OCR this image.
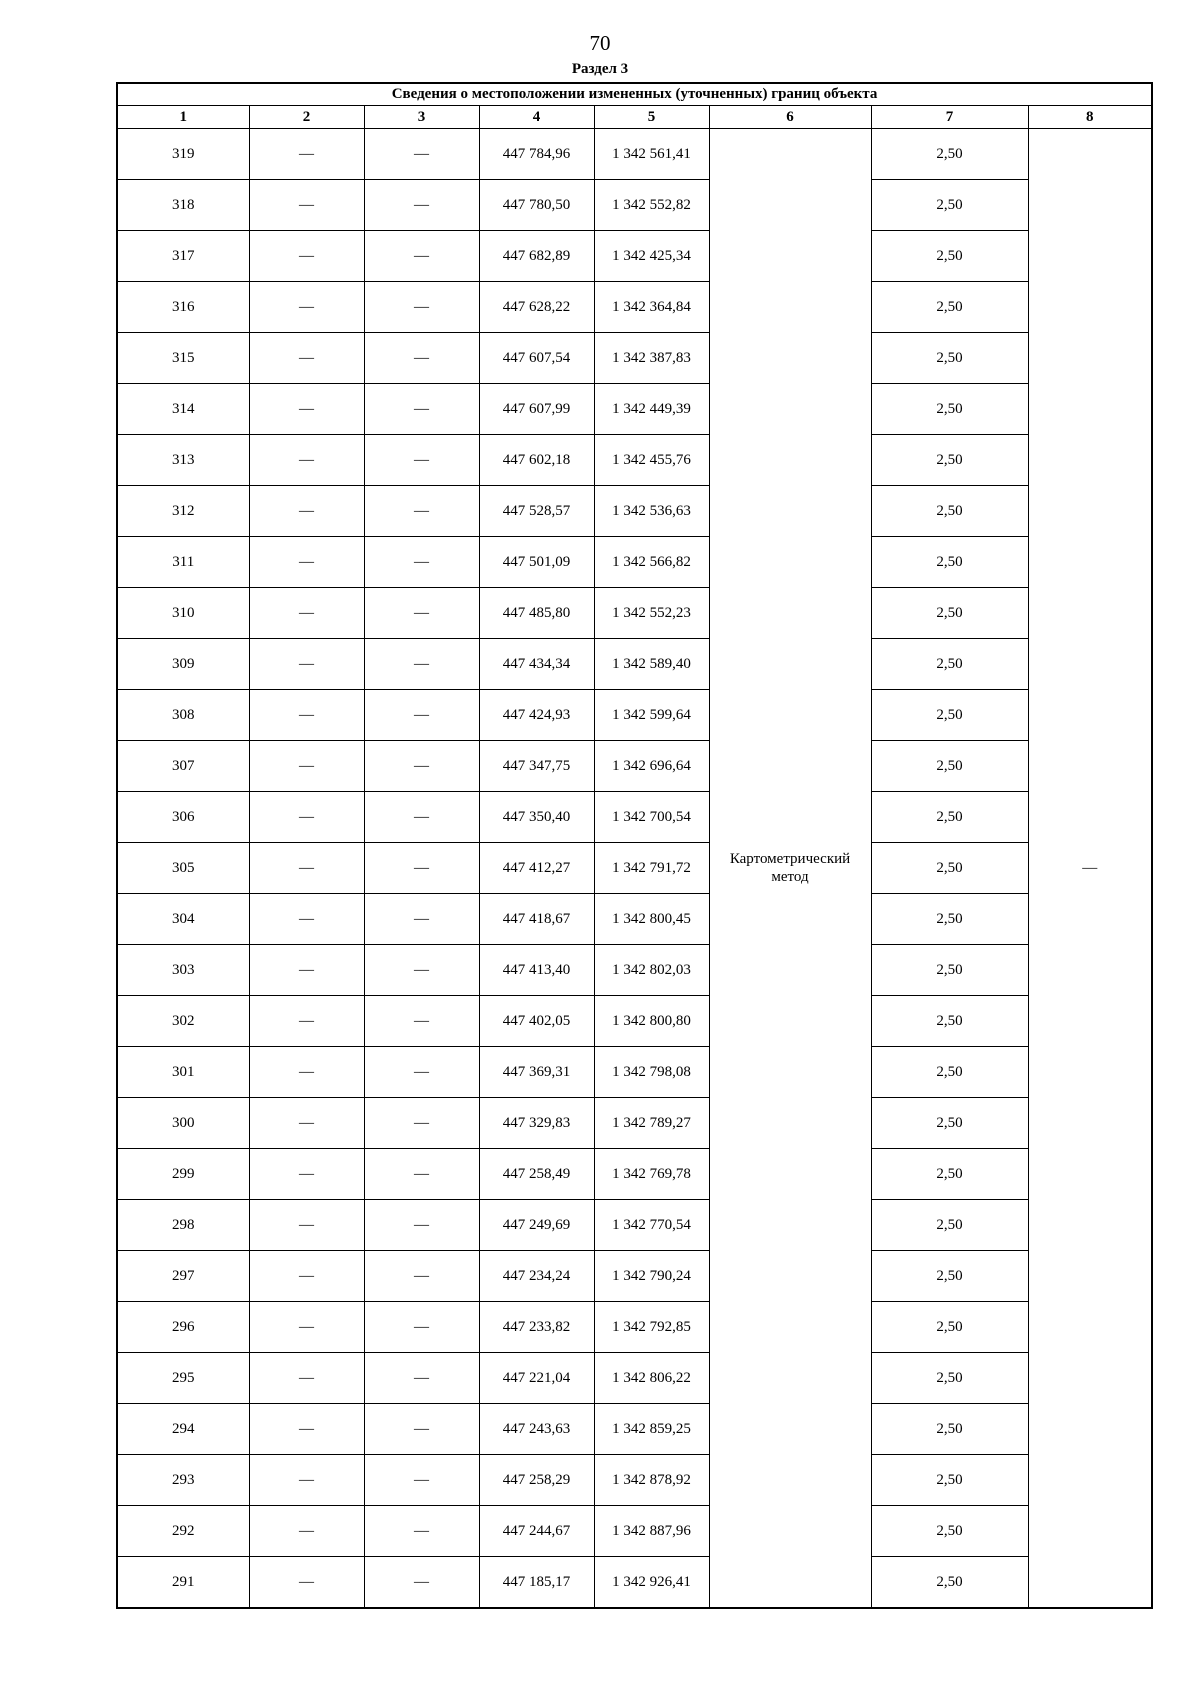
70
Раздел 3
Сведения о местоположении измененных (уточненных) границ объекта							
1	2	3	4	5	6	7	8
319	—	—	447 784,96	1 342 561,41	Картометрический метод	2,50	—
318	—	—	447 780,50	1 342 552,82		2,50	
317	—	—	447 682,89	1 342 425,34		2,50	
316	—	—	447 628,22	1 342 364,84		2,50	
315	—	—	447 607,54	1 342 387,83		2,50	
314	—	—	447 607,99	1 342 449,39		2,50	
313	—	—	447 602,18	1 342 455,76		2,50	
312	—	—	447 528,57	1 342 536,63		2,50	
311	—	—	447 501,09	1 342 566,82		2,50	
310	—	—	447 485,80	1 342 552,23		2,50	
309	—	—	447 434,34	1 342 589,40		2,50	
308	—	—	447 424,93	1 342 599,64		2,50	
307	—	—	447 347,75	1 342 696,64		2,50	
306	—	—	447 350,40	1 342 700,54		2,50	
305	—	—	447 412,27	1 342 791,72		2,50	
304	—	—	447 418,67	1 342 800,45		2,50	
303	—	—	447 413,40	1 342 802,03		2,50	
302	—	—	447 402,05	1 342 800,80		2,50	
301	—	—	447 369,31	1 342 798,08		2,50	
300	—	—	447 329,83	1 342 789,27		2,50	
299	—	—	447 258,49	1 342 769,78		2,50	
298	—	—	447 249,69	1 342 770,54		2,50	
297	—	—	447 234,24	1 342 790,24		2,50	
296	—	—	447 233,82	1 342 792,85		2,50	
295	—	—	447 221,04	1 342 806,22		2,50	
294	—	—	447 243,63	1 342 859,25		2,50	
293	—	—	447 258,29	1 342 878,92		2,50	
292	—	—	447 244,67	1 342 887,96		2,50	
291	—	—	447 185,17	1 342 926,41		2,50	
